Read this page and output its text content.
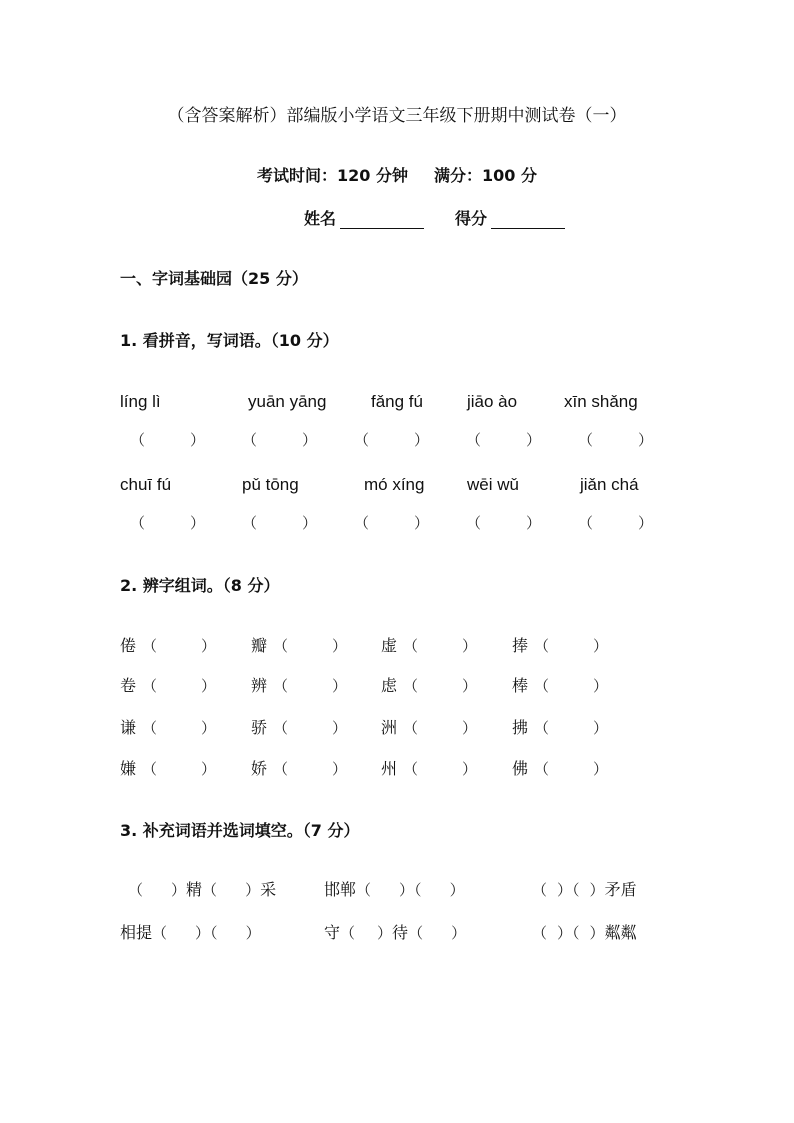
（含答案解析）部编版小学语文三年级下册期中测试卷（一）
考试时间：120 分钟 满分：100 分
姓名	得分
一、字词基础园（25 分）
1. 看拼音，写词语。（10 分）
líng lì	yuān yāng	fǎng fú	jiāo ào	xīn shǎng
（	） （	） （	） （	） （	）
chuī fú	pǔ tōng	mó xíng	wēi wǔ	jiǎn chá
（	） （	） （	） （	） （	）
2. 辨字组词。（8 分）
倦 （	） 瓣 （	） 虚 （	） 捧 （	）
卷 （	） 辨 （	） 虑 （	） 棒 （	）
谦 （	） 骄 （	） 洲 （	） 拂 （	）
嫌 （	） 娇 （	） 州 （	） 佛 （	）
3. 补充词语并选词填空。（7 分）
（ ）精（ ）采	邯郸（ ）（ ）	（ ）（ ）矛盾
相提（ ）（ ）	守（ ）待（ ）	（ ）（ ）粼粼
